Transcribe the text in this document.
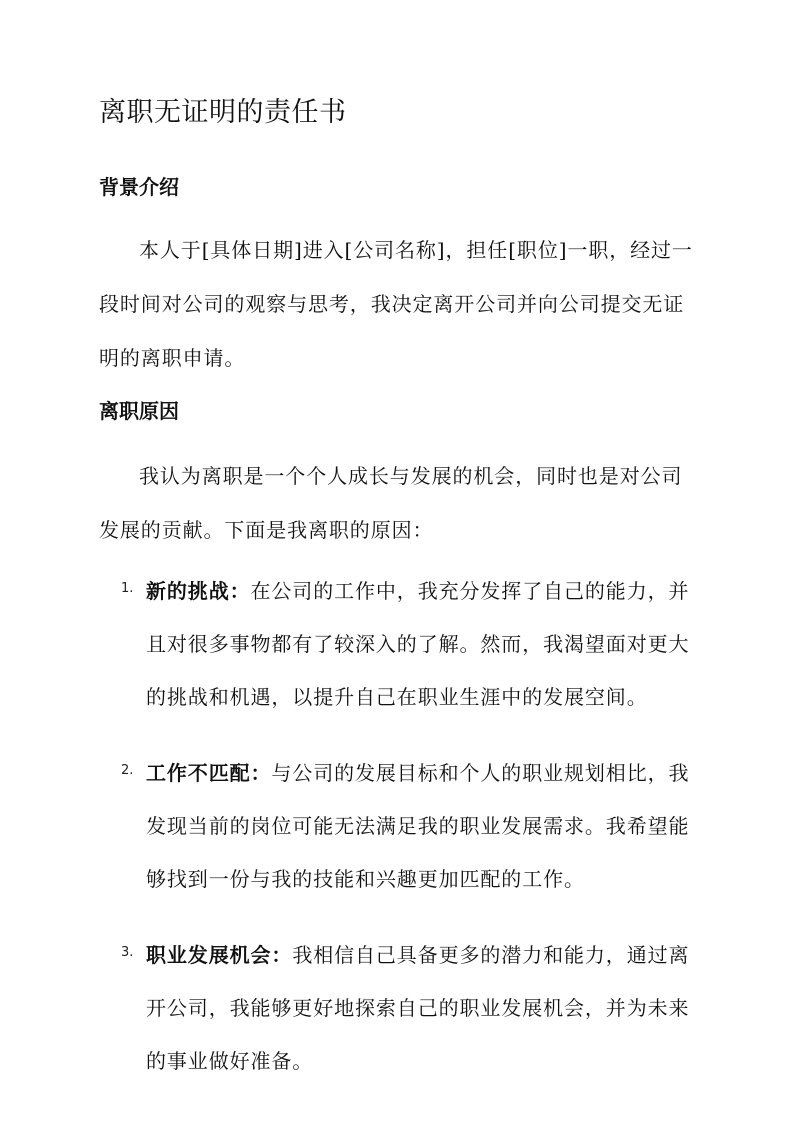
离职无证明的责任书
背景介绍

本人于[具体日期]进入[公司名称]，担任[职位]一职，经过一段时间对公司的观察与思考，我决定离开公司并向公司提交无证明的离职申请。

离职原因

我认为离职是一个个人成长与发展的机会，同时也是对公司发展的贡献。下面是我离职的原因：

1. 新的挑战：在公司的工作中，我充分发挥了自己的能力，并且对很多事物都有了较深入的了解。然而，我渴望面对更大的挑战和机遇，以提升自己在职业生涯中的发展空间。

2. 工作不匹配：与公司的发展目标和个人的职业规划相比，我发现当前的岗位可能无法满足我的职业发展需求。我希望能够找到一份与我的技能和兴趣更加匹配的工作。

3. 职业发展机会：我相信自己具备更多的潜力和能力，通过离开公司，我能够更好地探索自己的职业发展机会，并为未来的事业做好准备。
